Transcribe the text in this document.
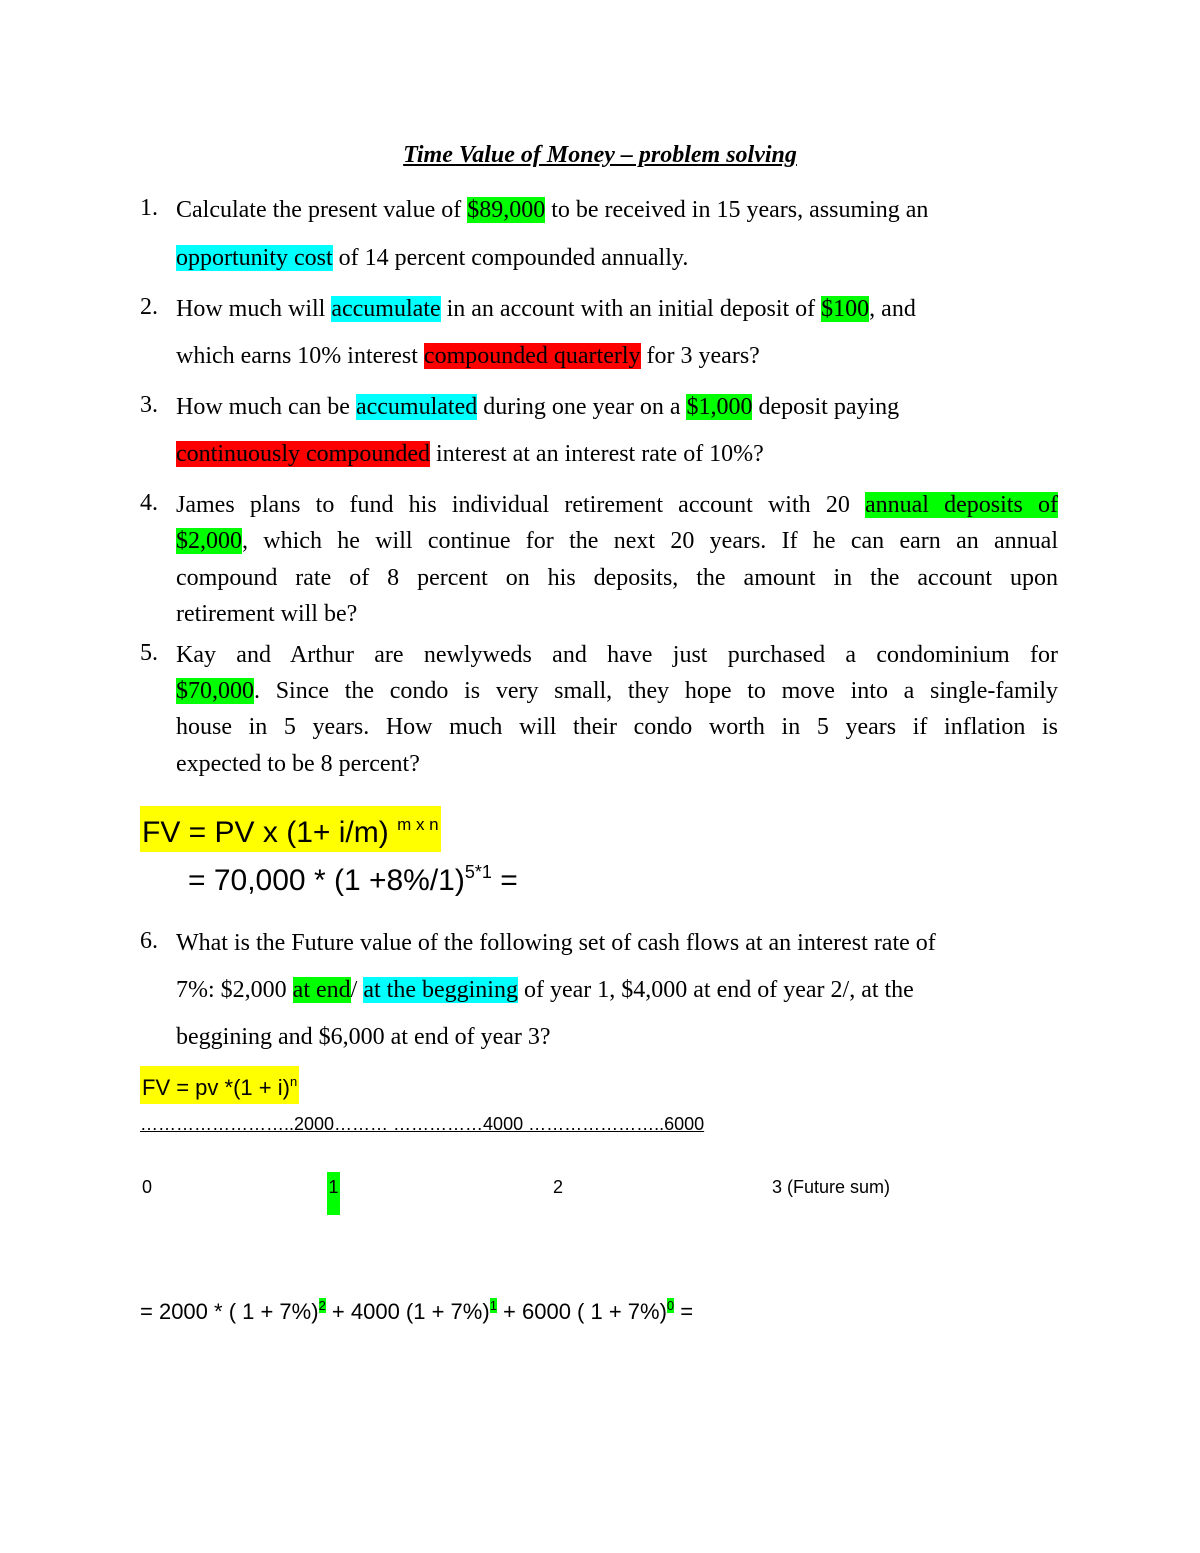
Time Value of Money – problem solving
1. Calculate the present value of $89,000 to be received in 15 years, assuming an
opportunity cost of 14 percent compounded annually.
2. How much will accumulate in an account with an initial deposit of $100, and
which earns 10% interest compounded quarterly for 3 years?
3. How much can be accumulated during one year on a $1,000 deposit paying
continuously compounded interest at an interest rate of 10%?
4. James plans to fund his individual retirement account with 20 annual deposits of
$2,000, which he will continue for the next 20 years. If he can earn an annual
compound rate of 8 percent on his deposits, the amount in the account upon
retirement will be?
5. Kay and Arthur are newlyweds and have just purchased a condominium for
$70,000. Since the condo is very small, they hope to move into a single-family
house in 5 years. How much will their condo worth in 5 years if inflation is
expected to be 8 percent?
FV = PV x (1+ i/m) $^{m x n}$
= $70,000 * (1 +8\%/1)^{5*1}$ =
6. What is the Future value of the following set of cash flows at an interest rate of
7%: $2,000 at end/ at the beggining of year 1, $4,000 at end of year 2/, at the
beggining and $6,000 at end of year 3?
FV = pv $*(1 + i)^n$
……………………..2000……… ……………4000 …………………..6000
0	1	2	3 (Future sum)
= 2000 * ( 1 + 7%)$^2$ + 4000 $(1 + 7\%)^1 + 6000$ ( 1 + 7%)$^0$ =
